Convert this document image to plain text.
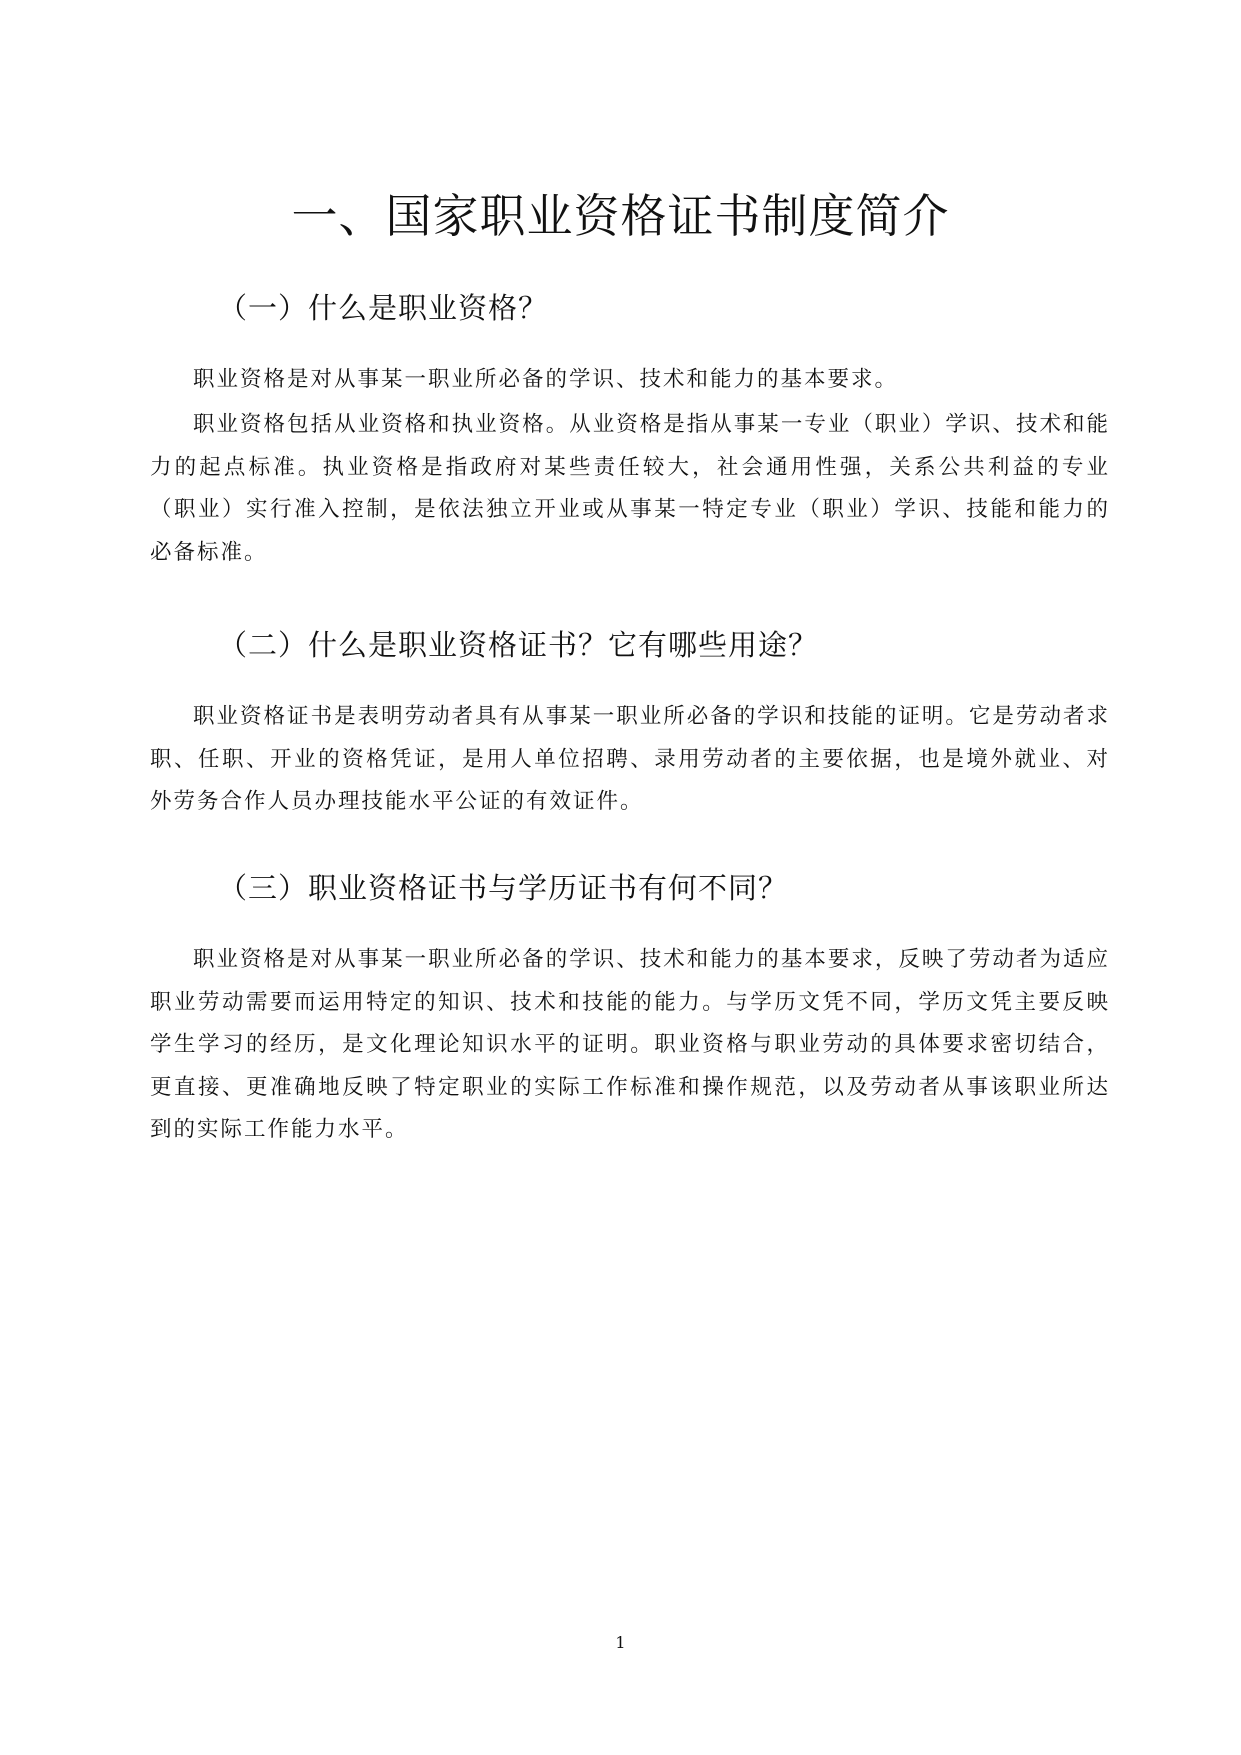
一、国家职业资格证书制度简介
（一）什么是职业资格？

职业资格是对从事某一职业所必备的学识、技术和能力的基本要求。

职业资格包括从业资格和执业资格。从业资格是指从事某一专业（职业）学识、技术和能力的起点标准。执业资格是指政府对某些责任较大，社会通用性强，关系公共利益的专业（职业）实行准入控制，是依法独立开业或从事某一特定专业（职业）学识、技能和能力的必备标准。

（二）什么是职业资格证书？它有哪些用途？

职业资格证书是表明劳动者具有从事某一职业所必备的学识和技能的证明。它是劳动者求职、任职、开业的资格凭证，是用人单位招聘、录用劳动者的主要依据，也是境外就业、对外劳务合作人员办理技能水平公证的有效证件。

（三）职业资格证书与学历证书有何不同？

职业资格是对从事某一职业所必备的学识、技术和能力的基本要求，反映了劳动者为适应职业劳动需要而运用特定的知识、技术和技能的能力。与学历文凭不同，学历文凭主要反映学生学习的经历，是文化理论知识水平的证明。职业资格与职业劳动的具体要求密切结合，更直接、更准确地反映了特定职业的实际工作标准和操作规范，以及劳动者从事该职业所达到的实际工作能力水平。

1
